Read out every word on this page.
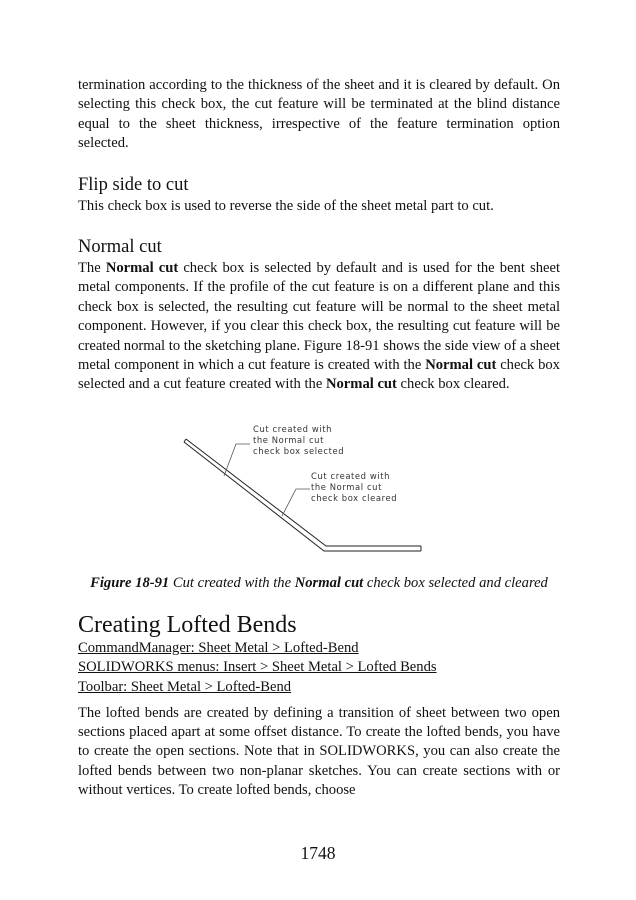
termination according to the thickness of the sheet and it is cleared by default. On selecting this check box, the cut feature will be terminated at the blind distance equal to the sheet thickness, irrespective of the feature termination option selected.

Flip side to cut

This check box is used to reverse the side of the sheet metal part to cut.

Normal cut

The Normal cut check box is selected by default and is used for the bent sheet metal components. If the profile of the cut feature is on a different plane and this check box is selected, the resulting cut feature will be normal to the sheet metal component. However, if you clear this check box, the resulting cut feature will be created normal to the sketching plane. Figure 18-91 shows the side view of a sheet metal component in which a cut feature is created with the Normal cut check box selected and a cut feature created with the Normal cut check box cleared.

Cut created with
the Normal cut
check box selected
Cut created with
the Normal cut
check box cleared

Figure 18-91 Cut created with the Normal cut check box selected and cleared

Creating Lofted Bends
CommandManager: Sheet Metal > Lofted-Bend
SOLIDWORKS menus: Insert > Sheet Metal > Lofted Bends
Toolbar: Sheet Metal > Lofted-Bend

The lofted bends are created by defining a transition of sheet between two open sections placed apart at some offset distance. To create the lofted bends, you have to create the open sections. Note that in SOLIDWORKS, you can also create the lofted bends between two non-planar sketches. You can create sections with or without vertices. To create lofted bends, choose

1748
